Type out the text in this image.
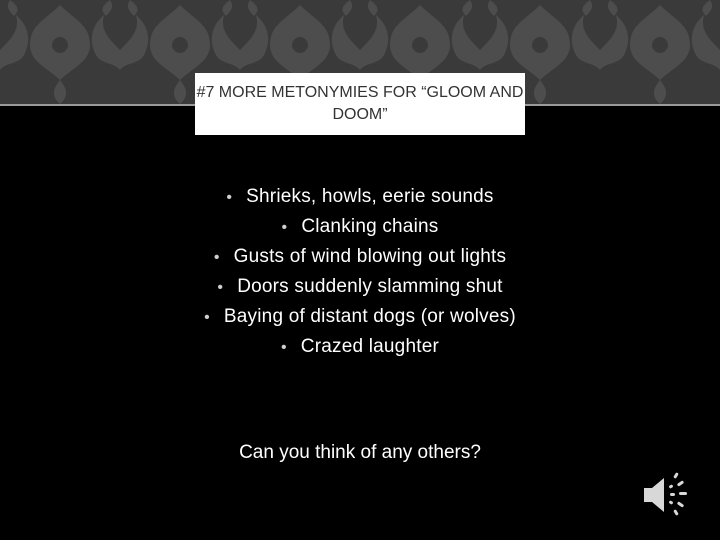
#7 MORE METONYMIES FOR “GLOOM AND DOOM”
• Shrieks, howls, eerie sounds
• Clanking chains
• Gusts of wind blowing out lights
• Doors suddenly slamming shut
• Baying of distant dogs (or wolves)
• Crazed laughter
Can you think of any others?
